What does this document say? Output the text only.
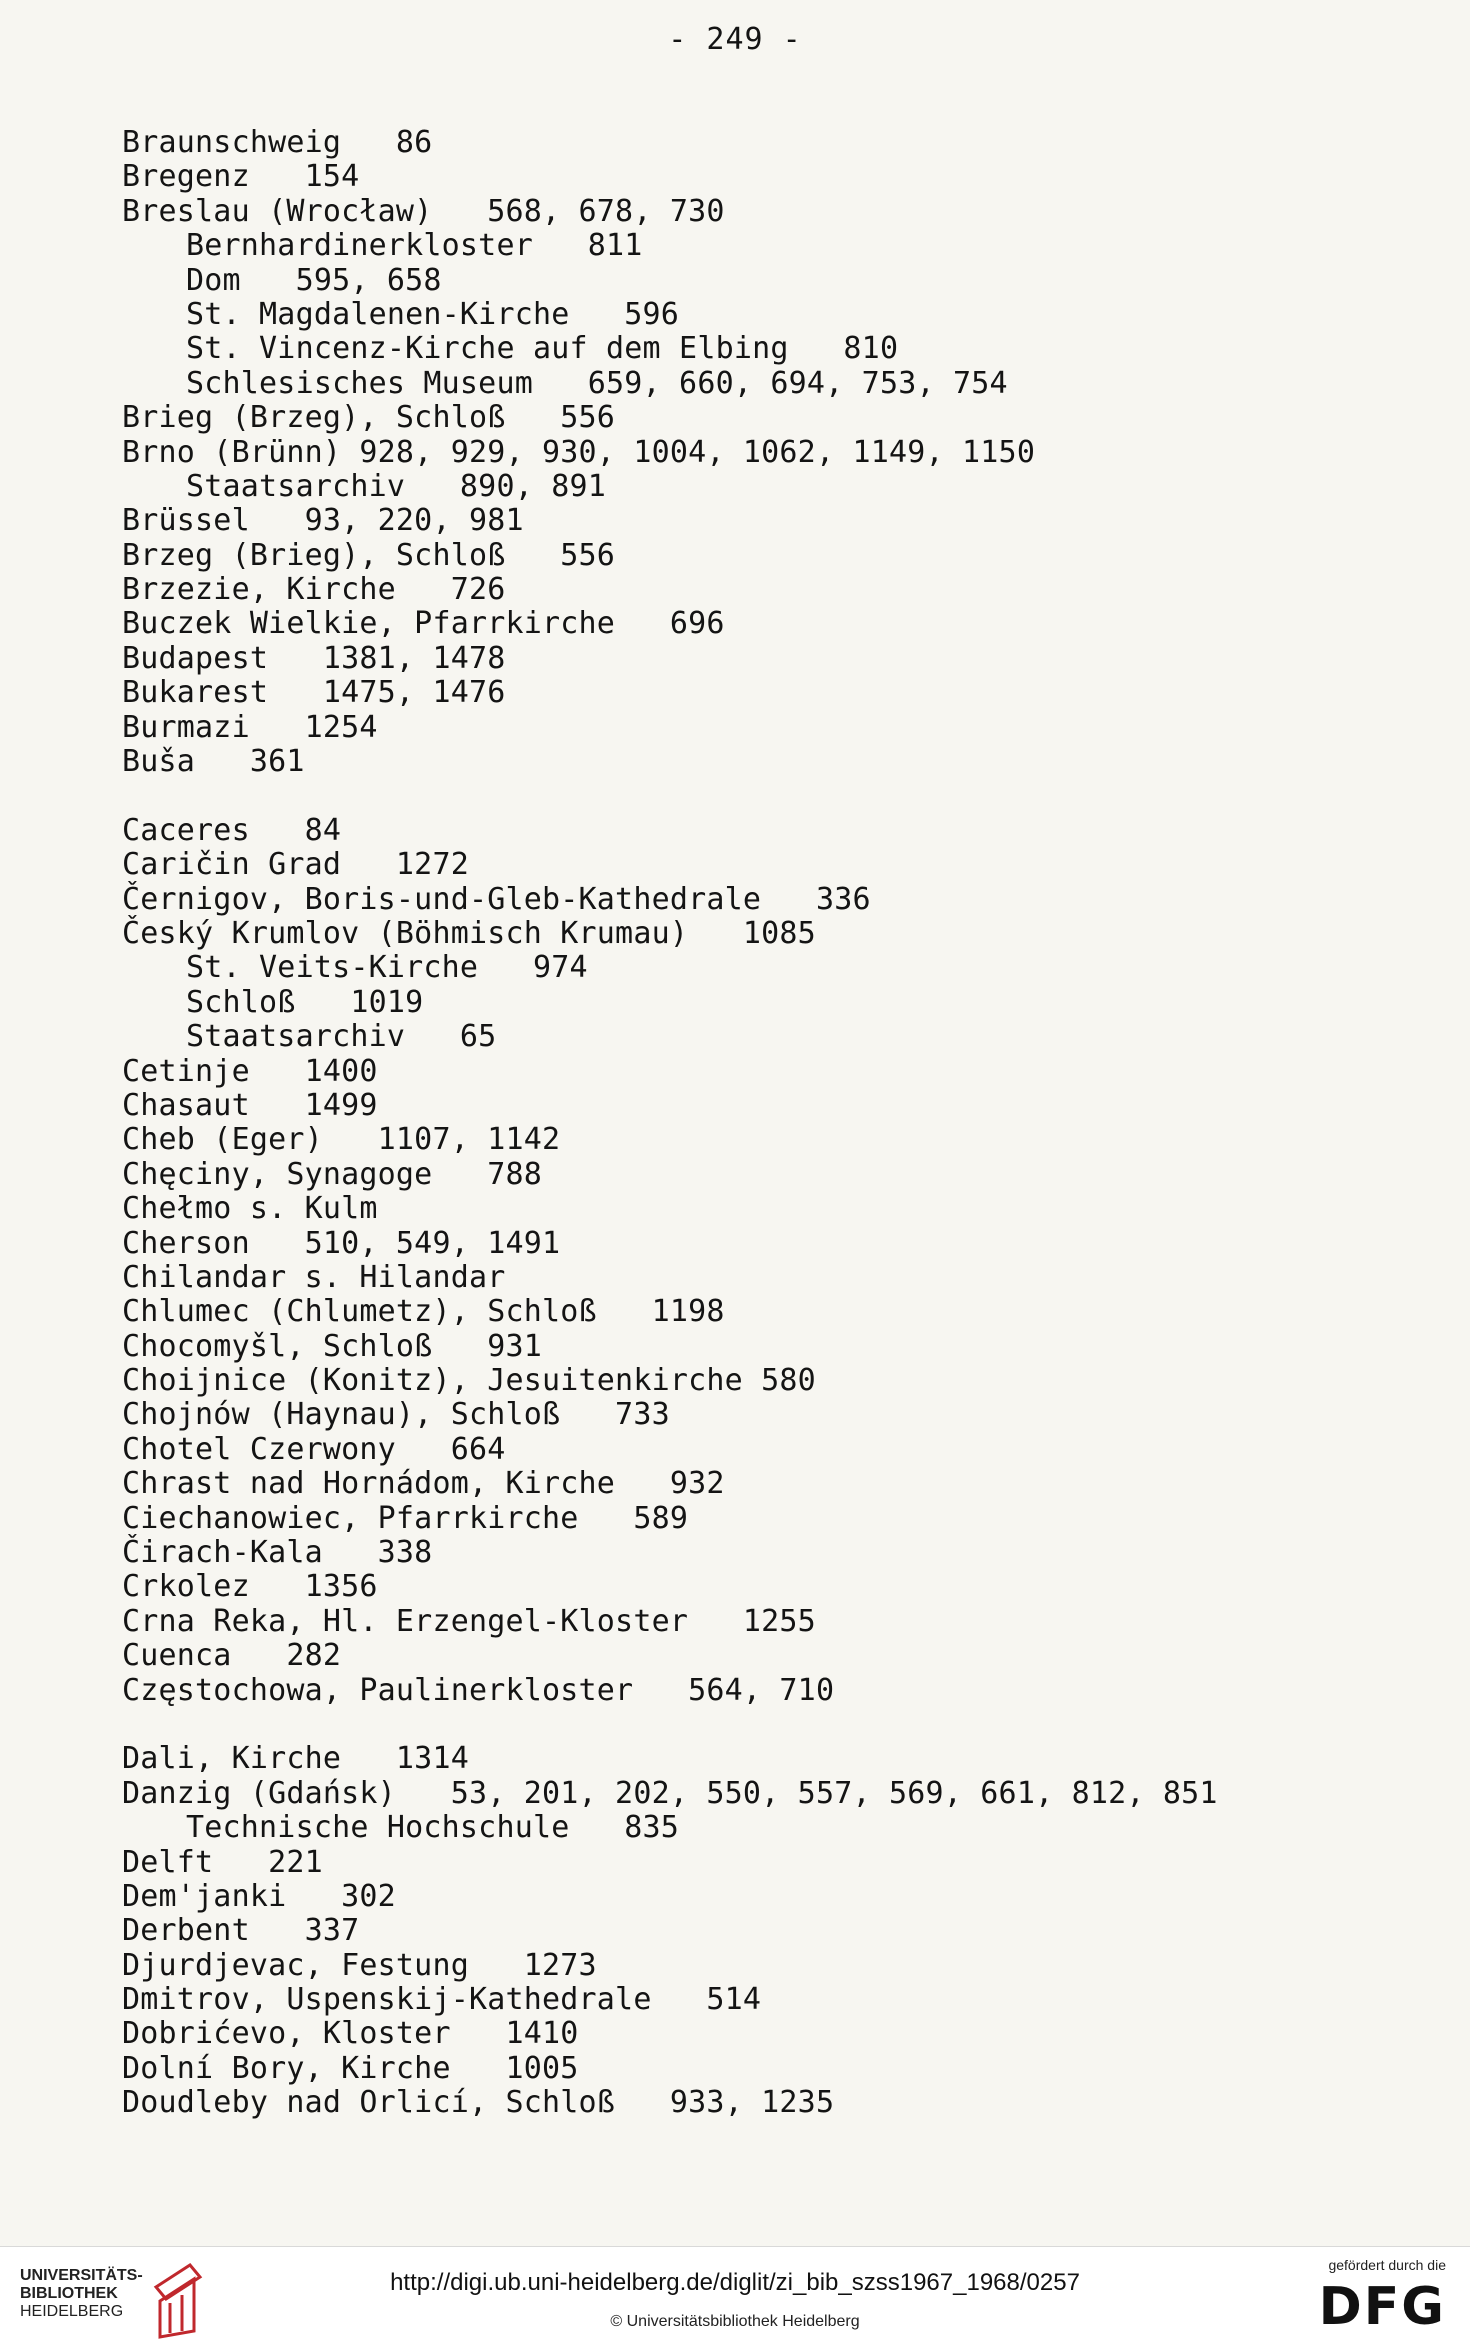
- 249 -
Braunschweig   86
Bregenz   154
Breslau (Wrocław)   568, 678, 730
Bernhardinerkloster   811
Dom   595, 658
St. Magdalenen-Kirche   596
St. Vincenz-Kirche auf dem Elbing   810
Schlesisches Museum   659, 660, 694, 753, 754
Brieg (Brzeg), Schloß   556
Brno (Brünn) 928, 929, 930, 1004, 1062, 1149, 1150
Staatsarchiv   890, 891
Brüssel   93, 220, 981
Brzeg (Brieg), Schloß   556
Brzezie, Kirche   726
Buczek Wielkie, Pfarrkirche   696
Budapest   1381, 1478
Bukarest   1475, 1476
Burmazi   1254
Buša   361
Caceres   84
Caričin Grad   1272
Černigov, Boris-und-Gleb-Kathedrale   336
Český Krumlov (Böhmisch Krumau)   1085
St. Veits-Kirche   974
Schloß   1019
Staatsarchiv   65
Cetinje   1400
Chasaut   1499
Cheb (Eger)   1107, 1142
Chęciny, Synagoge   788
Chełmo s. Kulm
Cherson   510, 549, 1491
Chilandar s. Hilandar
Chlumec (Chlumetz), Schloß   1198
Chocomyšl, Schloß   931
Choijnice (Konitz), Jesuitenkirche 580
Chojnów (Haynau), Schloß   733
Chotel Czerwony   664
Chrast nad Hornádom, Kirche   932
Ciechanowiec, Pfarrkirche   589
Čirach-Kala   338
Crkolez   1356
Crna Reka, Hl. Erzengel-Kloster   1255
Cuenca   282
Częstochowa, Paulinerkloster   564, 710
Dali, Kirche   1314
Danzig (Gdańsk)   53, 201, 202, 550, 557, 569, 661, 812, 851
Technische Hochschule   835
Delft   221
Dem'janki   302
Derbent   337
Djurdjevac, Festung   1273
Dmitrov, Uspenskij-Kathedrale   514
Dobrićevo, Kloster   1410
Dolní Bory, Kirche   1005
Doudleby nad Orlicí, Schloß   933, 1235
UNIVERSITÄTS-
BIBLIOTHEK

HEIDELBERG
http://digi.ub.uni-heidelberg.de/diglit/zi_bib_szss1967_1968/0257
© Universitätsbibliothek Heidelberg
gefördert durch die
DFG
